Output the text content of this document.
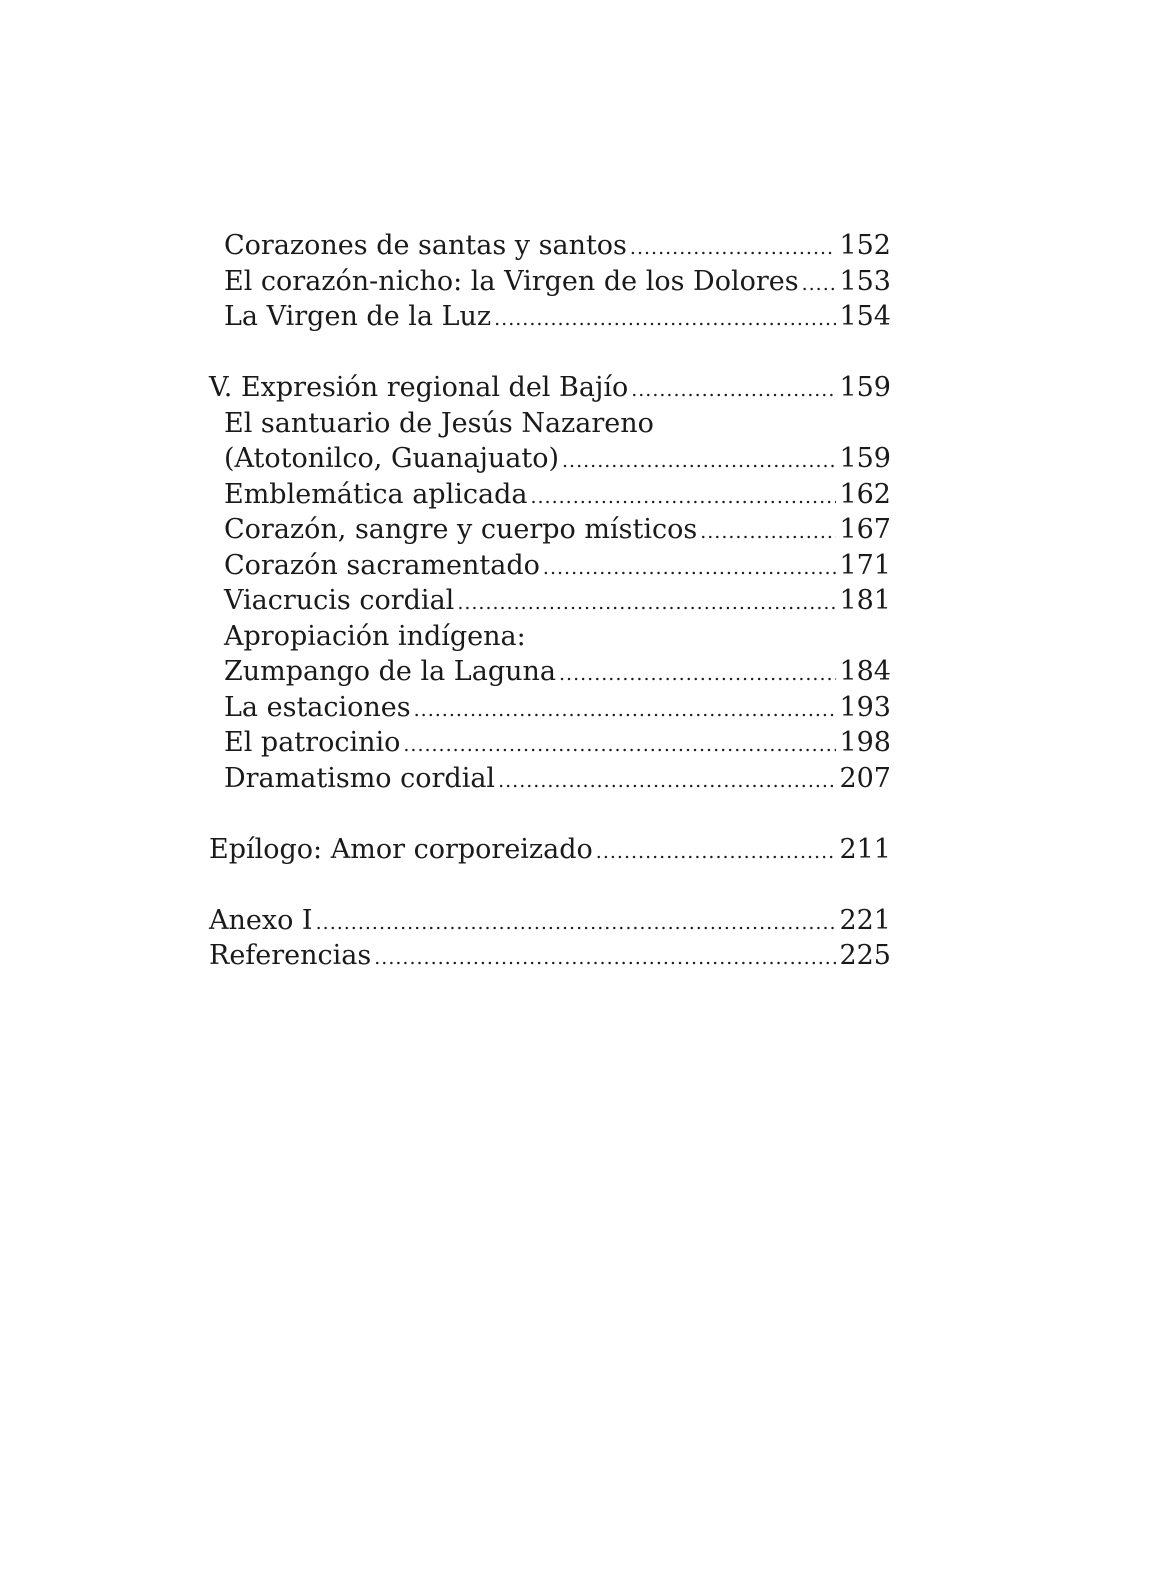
Corazones de santas y santos .....	152
El corazón-nicho: la Virgen de los Dolores ..... 153
La Virgen de la Luz .....	154
V. Expresión regional del Bajío .....	159
El santuario de Jesús Nazareno
(Atotonilco, Guanajuato) .....	159
Emblemática aplicada .....	162
Corazón, sangre y cuerpo místicos .....	167
Corazón sacramentado .....	171
Viacrucis cordial .....	181
Apropiación indígena:
Zumpango de la Laguna .....	184
La estaciones .....	193
El patrocinio .....	198
Dramatismo cordial .....	207
Epílogo: Amor corporeizado .....	211
Anexo I .....	221
Referencias .....	225
